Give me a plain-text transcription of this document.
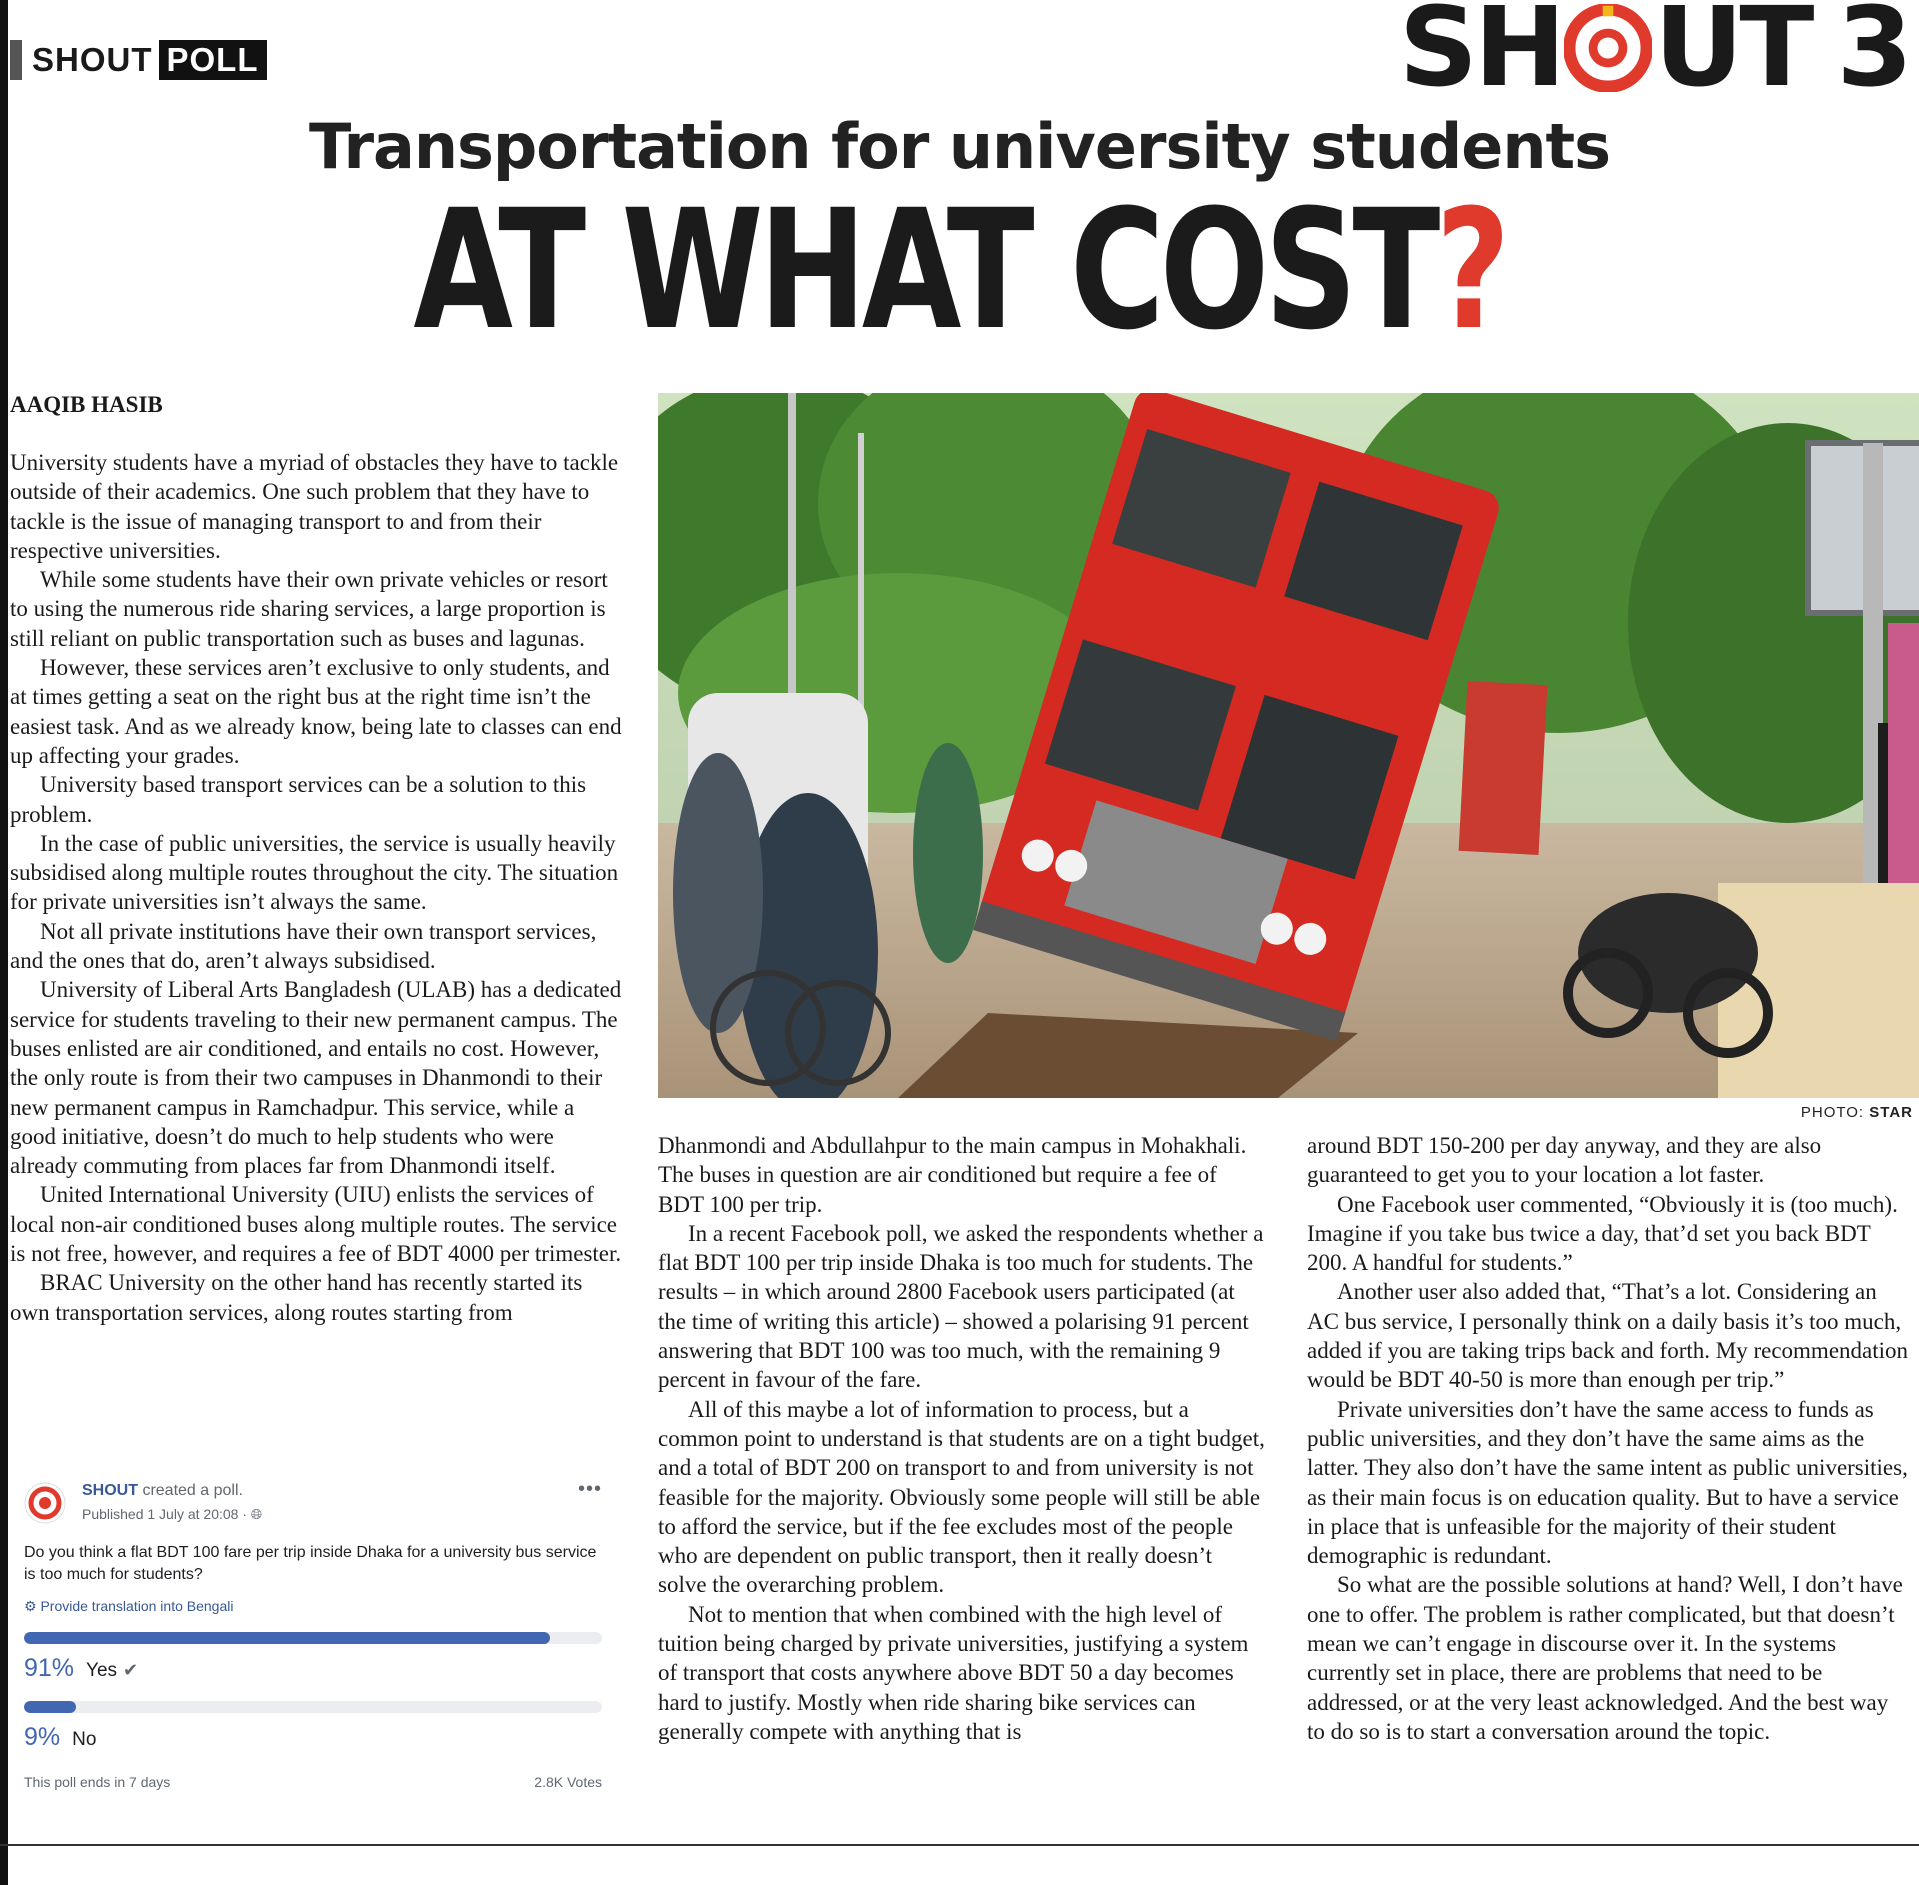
SHOUT POLL	SH UT 3
Transportation for university students
AT WHAT COST?
PHOTO: STAR
AAQIB HASIB

University students have a myriad of obstacles they have to tackle outside of their academics. One such problem that they have to tackle is the issue of managing transport to and from their respective universities.

While some students have their own private vehicles or resort to using the numerous ride sharing services, a large proportion is still reliant on public transportation such as buses and lagunas.

However, these services aren’t exclusive to only students, and at times getting a seat on the right bus at the right time isn’t the easiest task. And as we already know, being late to classes can end up affecting your grades.

University based transport services can be a solution to this problem.

In the case of public universities, the service is usually heavily subsidised along multiple routes throughout the city. The situation for private universities isn’t always the same.

Not all private institutions have their own transport services, and the ones that do, aren’t always subsidised.

University of Liberal Arts Bangladesh (ULAB) has a dedicated service for students traveling to their new permanent campus. The buses enlisted are air conditioned, and entails no cost. However, the only route is from their two campuses in Dhanmondi to their new permanent campus in Ramchadpur. This service, while a good initiative, doesn’t do much to help students who were already commuting from places far from Dhanmondi itself.

United International University (UIU) enlists the services of local non-air conditioned buses along multiple routes. The service is not free, however, and requires a fee of BDT 4000 per trimester.

BRAC University on the other hand has recently started its own transportation services, along routes starting from

Dhanmondi and Abdullahpur to the main campus in Mohakhali. The buses in question are air conditioned but require a fee of BDT 100 per trip.

In a recent Facebook poll, we asked the respondents whether a flat BDT 100 per trip inside Dhaka is too much for students. The results – in which around 2800 Facebook users participated (at the time of writing this article) – showed a polarising 91 percent answering that BDT 100 was too much, with the remaining 9 percent in favour of the fare.

All of this maybe a lot of information to process, but a common point to understand is that students are on a tight budget, and a total of BDT 200 on transport to and from university is not feasible for the majority. Obviously some people will still be able to afford the service, but if the fee excludes most of the people who are dependent on public transport, then it really doesn’t solve the overarching problem.

Not to mention that when combined with the high level of tuition being charged by private universities, justifying a system of transport that costs anywhere above BDT 50 a day becomes hard to justify. Mostly when ride sharing bike services can generally compete with anything that is

around BDT 150-200 per day anyway, and they are also guaranteed to get you to your location a lot faster.

One Facebook user commented, “Obviously it is (too much). Imagine if you take bus twice a day, that’d set you back BDT 200. A handful for students.”

Another user also added that, “That’s a lot. Considering an AC bus service, I personally think on a daily basis it’s too much, added if you are taking trips back and forth. My recommendation would be BDT 40-50 is more than enough per trip.”

Private universities don’t have the same access to funds as public universities, and they don’t have the same aims as the latter. They also don’t have the same intent as public universities, as their main focus is on education quality. But to have a service in place that is unfeasible for the majority of their student demographic is redundant.

So what are the possible solutions at hand? Well, I don’t have one to offer. The problem is rather complicated, but that doesn’t mean we can’t engage in discourse over it. In the systems currently set in place, there are problems that need to be addressed, or at the very least acknowledged. And the best way to do so is to start a conversation around the topic.

SHOUT created a poll.
Published 1 July at 20:08 · 🌐︎
•••
Do you think a flat BDT 100 fare per trip inside Dhaka for a university bus service is too much for students?
⚙ Provide translation into Bengali
91% Yes ✔︎
9% No
This poll ends in 7 days	2.8K Votes
